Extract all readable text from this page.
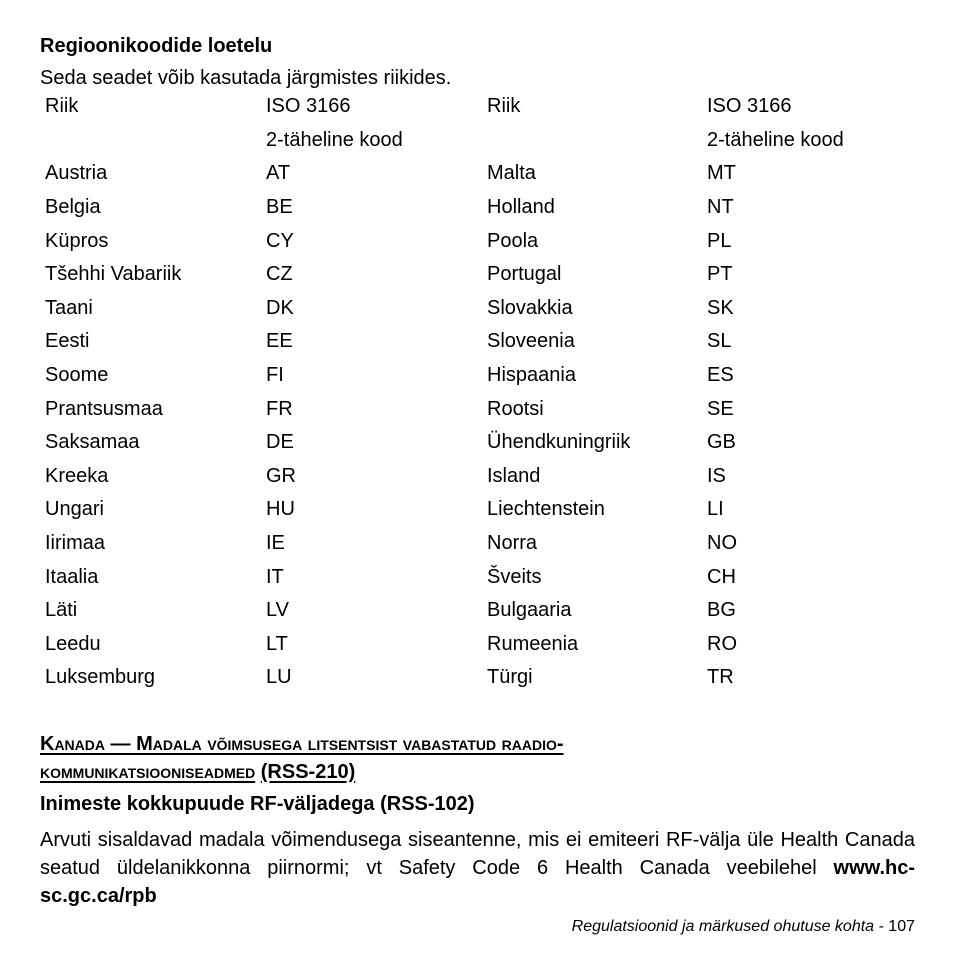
Regioonikoodide loetelu
Seda seadet võib kasutada järgmistes riikides.
Riik	ISO 3166	Riik	ISO 3166
	2-täheline kood		2-täheline kood
Austria	AT	Malta	MT
Belgia	BE	Holland	NT
Küpros	CY	Poola	PL
Tšehhi Vabariik	CZ	Portugal	PT
Taani	DK	Slovakkia	SK
Eesti	EE	Sloveenia	SL
Soome	FI	Hispaania	ES
Prantsusmaa	FR	Rootsi	SE
Saksamaa	DE	Ühendkuningriik	GB
Kreeka	GR	Island	IS
Ungari	HU	Liechtenstein	LI
Iirimaa	IE	Norra	NO
Itaalia	IT	Šveits	CH
Läti	LV	Bulgaaria	BG
Leedu	LT	Rumeenia	RO
Luksemburg	LU	Türgi	TR
Kanada — Madala võimsusega litsentsist vabastatud raadio-kommunikatsiooniseadmed (RSS-210)
Inimeste kokkupuude RF-väljadega (RSS-102)
Arvuti sisaldavad madala võimendusega siseantenne, mis ei emiteeri RF-välja üle Health Canada seatud üldelanikkonna piirnormi; vt Safety Code 6 Health Canada veebilehel www.hc-sc.gc.ca/rpb
Regulatsioonid ja märkused ohutuse kohta - 107
